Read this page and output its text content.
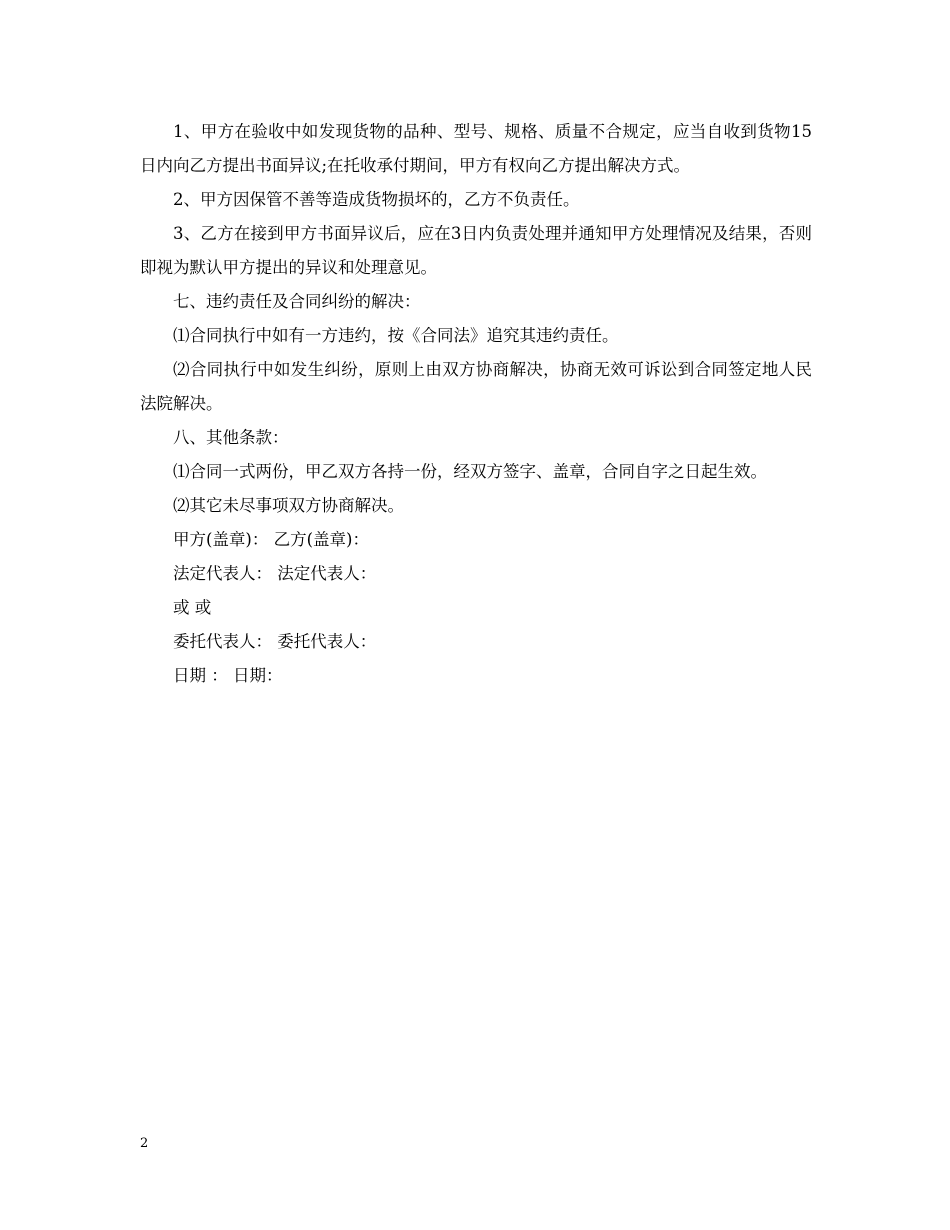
1、甲方在验收中如发现货物的品种、型号、规格、质量不合规定，应当自收到货物15日内向乙方提出书面异议;在托收承付期间，甲方有权向乙方提出解决方式。

2、甲方因保管不善等造成货物损坏的，乙方不负责任。

3、乙方在接到甲方书面异议后，应在3日内负责处理并通知甲方处理情况及结果，否则即视为默认甲方提出的异议和处理意见。

七、违约责任及合同纠纷的解决：

⑴合同执行中如有一方违约，按《合同法》追究其违约责任。

⑵合同执行中如发生纠纷，原则上由双方协商解决，协商无效可诉讼到合同签定地人民法院解决。

八、其他条款：

⑴合同一式两份，甲乙双方各持一份，经双方签字、盖章，合同自字之日起生效。

⑵其它未尽事项双方协商解决。

甲方(盖章)： 乙方(盖章)：

法定代表人： 法定代表人：

或 或

委托代表人： 委托代表人：

日期 ： 日期：

2
